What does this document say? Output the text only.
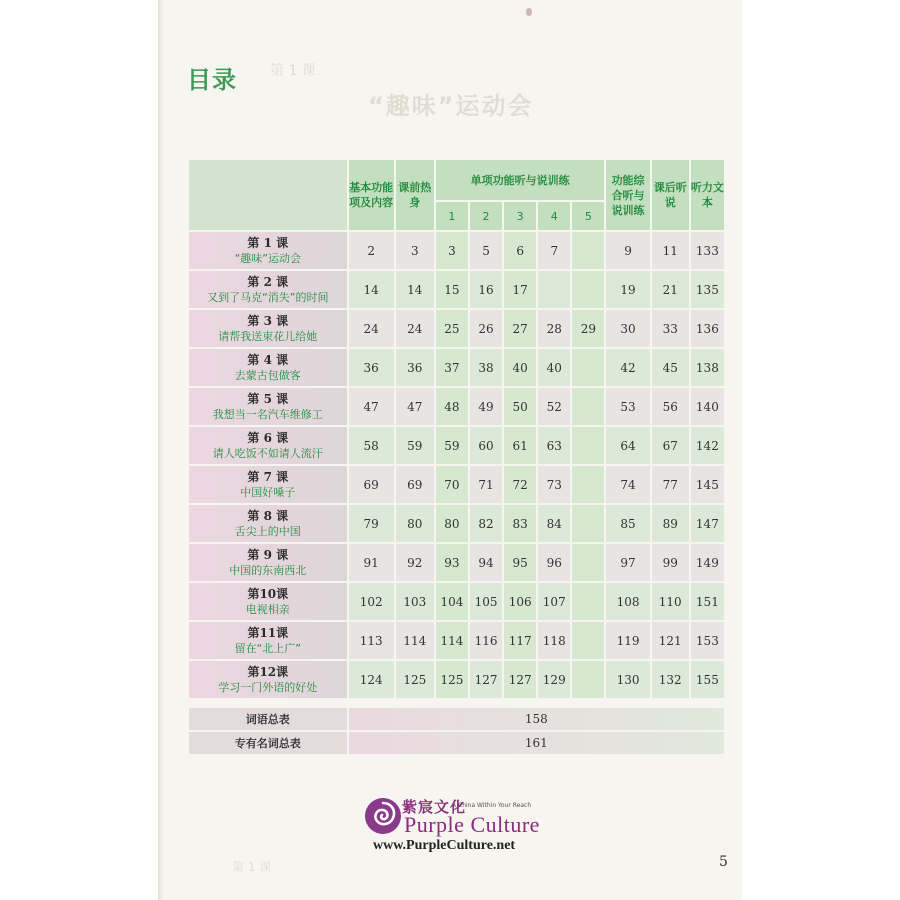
第 1 课
“趣味”运动会
第 1 课
目录
	基本功能项及内容	课前热身	单项功能听与说训练					功能综合听与说训练	课后听说	听力文本
			1	2	3	4	5			

第 1 课
“趣味”运动会	2	3	3	5	6	7		9	11	133

第 2 课
又到了马克“消失”的时间	14	14	15	16	17			19	21	135

第 3 课
请帮我送束花儿给她	24	24	25	26	27	28	29	30	33	136

第 4 课
去蒙古包做客	36	36	37	38	40	40		42	45	138

第 5 课
我想当一名汽车维修工	47	47	48	49	50	52		53	56	140

第 6 课
请人吃饭不如请人流汗	58	59	59	60	61	63		64	67	142

第 7 课
中国好嗓子	69	69	70	71	72	73		74	77	145

第 8 课
舌尖上的中国	79	80	80	82	83	84		85	89	147

第 9 课
中国的东南西北	91	92	93	94	95	96		97	99	149

第10课
电视相亲	102	103	104	105	106	107		108	110	151

第11课
留在“北上广”	113	114	114	116	117	118		119	121	153

第12课
学习一门外语的好处	124	125	125	127	127	129		130	132	155

词语总表	158									
专有名词总表	161									
紫宸文化
A China Within Your Reach
Purple Culture
www.PurpleCulture.net
5
